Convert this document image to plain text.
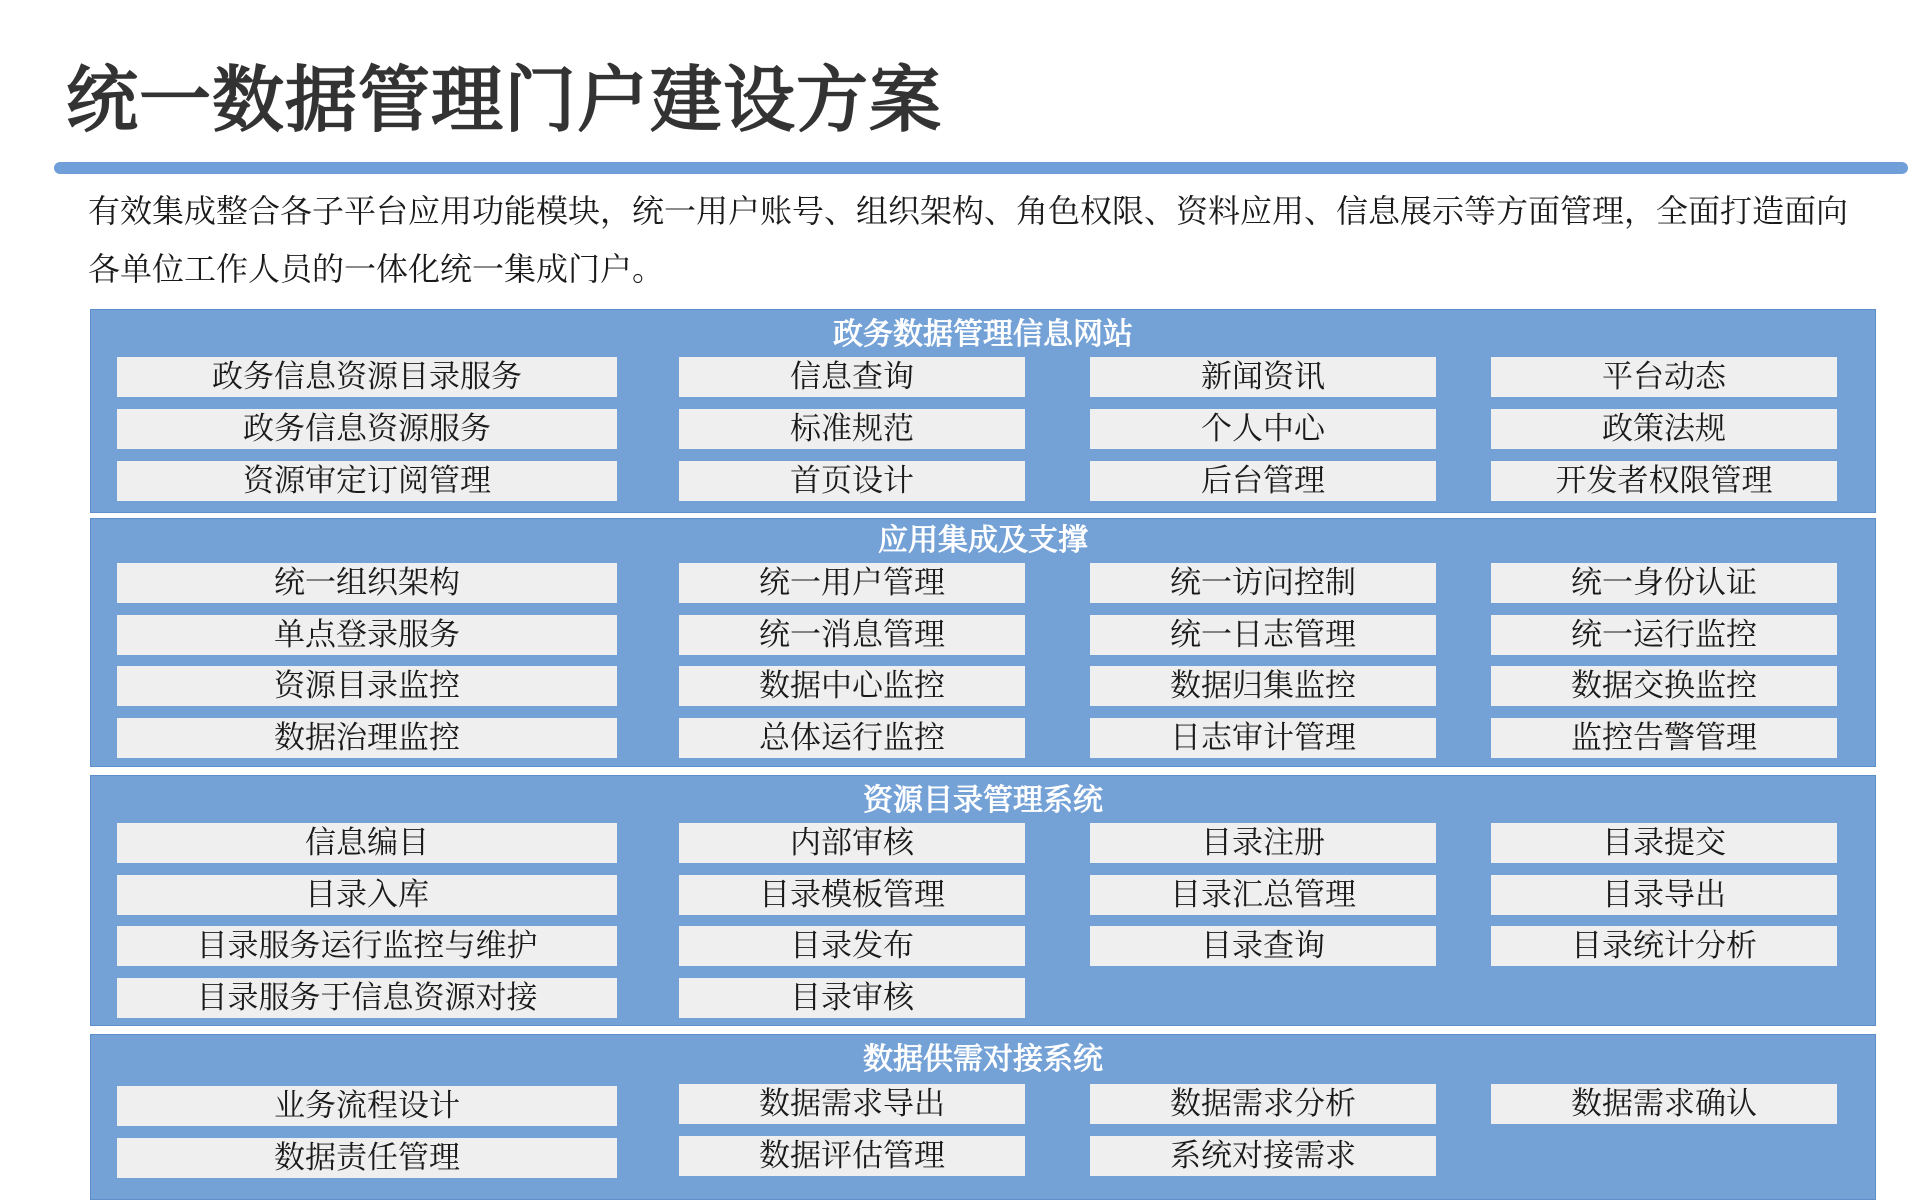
统一数据管理门户建设方案
有效集成整合各子平台应用功能模块，统一用户账号、组织架构、角色权限、资料应用、信息展示等方面管理，全面打造面向各单位工作人员的一体化统一集成门户。
政务数据管理信息网站
政务信息资源目录服务	信息查询	新闻资讯	平台动态
政务信息资源服务	标准规范	个人中心	政策法规
资源审定订阅管理	首页设计	后台管理	开发者权限管理
应用集成及支撑
统一组织架构	统一用户管理	统一访问控制	统一身份认证
单点登录服务	统一消息管理	统一日志管理	统一运行监控
资源目录监控	数据中心监控	数据归集监控	数据交换监控
数据治理监控	总体运行监控	日志审计管理	监控告警管理
资源目录管理系统
信息编目	内部审核	目录注册	目录提交
目录入库	目录模板管理	目录汇总管理	目录导出
目录服务运行监控与维护	目录发布	目录查询	目录统计分析
目录服务于信息资源对接	目录审核
数据供需对接系统
业务流程设计	数据需求导出	数据需求分析	数据需求确认
数据责任管理	数据评估管理	系统对接需求
